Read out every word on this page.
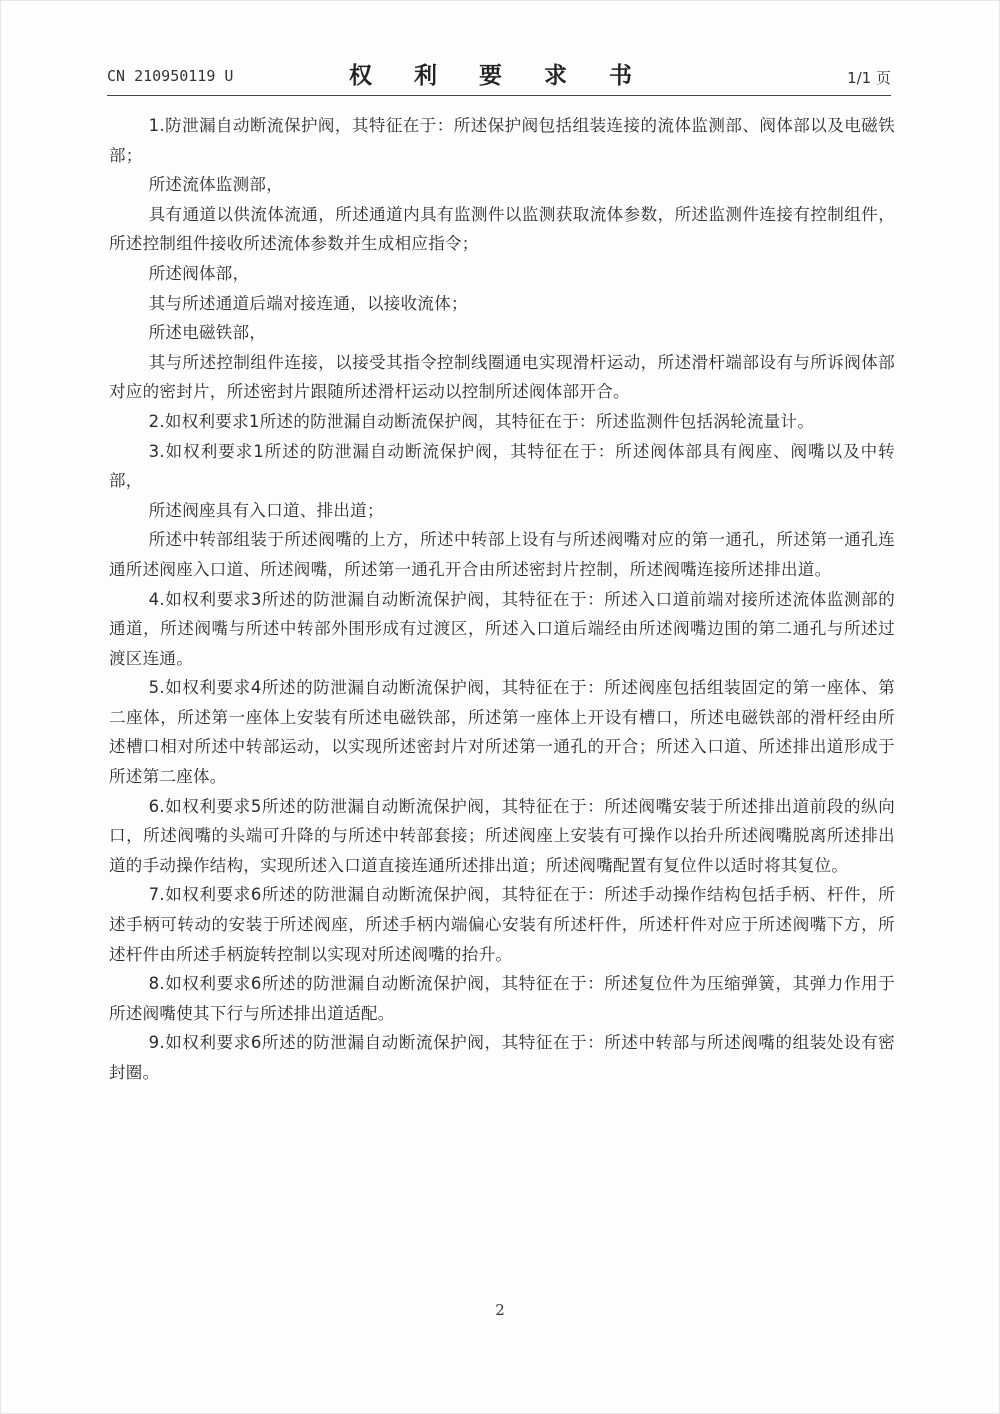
CN 210950119 U	权 利 要 求 书	1/1 页

1.防泄漏自动断流保护阀，其特征在于：所述保护阀包括组装连接的流体监测部、阀体部以及电磁铁部；

所述流体监测部，

具有通道以供流体流通，所述通道内具有监测件以监测获取流体参数，所述监测件连接有控制组件，所述控制组件接收所述流体参数并生成相应指令；

所述阀体部，

其与所述通道后端对接连通，以接收流体；

所述电磁铁部，

其与所述控制组件连接，以接受其指令控制线圈通电实现滑杆运动，所述滑杆端部设有与所诉阀体部对应的密封片，所述密封片跟随所述滑杆运动以控制所述阀体部开合。

2.如权利要求1所述的防泄漏自动断流保护阀，其特征在于：所述监测件包括涡轮流量计。

3.如权利要求1所述的防泄漏自动断流保护阀，其特征在于：所述阀体部具有阀座、阀嘴以及中转部，

所述阀座具有入口道、排出道；

所述中转部组装于所述阀嘴的上方，所述中转部上设有与所述阀嘴对应的第一通孔，所述第一通孔连通所述阀座入口道、所述阀嘴，所述第一通孔开合由所述密封片控制，所述阀嘴连接所述排出道。

4.如权利要求3所述的防泄漏自动断流保护阀，其特征在于：所述入口道前端对接所述流体监测部的通道，所述阀嘴与所述中转部外围形成有过渡区，所述入口道后端经由所述阀嘴边围的第二通孔与所述过渡区连通。

5.如权利要求4所述的防泄漏自动断流保护阀，其特征在于：所述阀座包括组装固定的第一座体、第二座体，所述第一座体上安装有所述电磁铁部，所述第一座体上开设有槽口，所述电磁铁部的滑杆经由所述槽口相对所述中转部运动，以实现所述密封片对所述第一通孔的开合；所述入口道、所述排出道形成于所述第二座体。

6.如权利要求5所述的防泄漏自动断流保护阀，其特征在于：所述阀嘴安装于所述排出道前段的纵向口，所述阀嘴的头端可升降的与所述中转部套接；所述阀座上安装有可操作以抬升所述阀嘴脱离所述排出道的手动操作结构，实现所述入口道直接连通所述排出道；所述阀嘴配置有复位件以适时将其复位。

7.如权利要求6所述的防泄漏自动断流保护阀，其特征在于：所述手动操作结构包括手柄、杆件，所述手柄可转动的安装于所述阀座，所述手柄内端偏心安装有所述杆件，所述杆件对应于所述阀嘴下方，所述杆件由所述手柄旋转控制以实现对所述阀嘴的抬升。

8.如权利要求6所述的防泄漏自动断流保护阀，其特征在于：所述复位件为压缩弹簧，其弹力作用于所述阀嘴使其下行与所述排出道适配。

9.如权利要求6所述的防泄漏自动断流保护阀，其特征在于：所述中转部与所述阀嘴的组装处设有密封圈。

2
